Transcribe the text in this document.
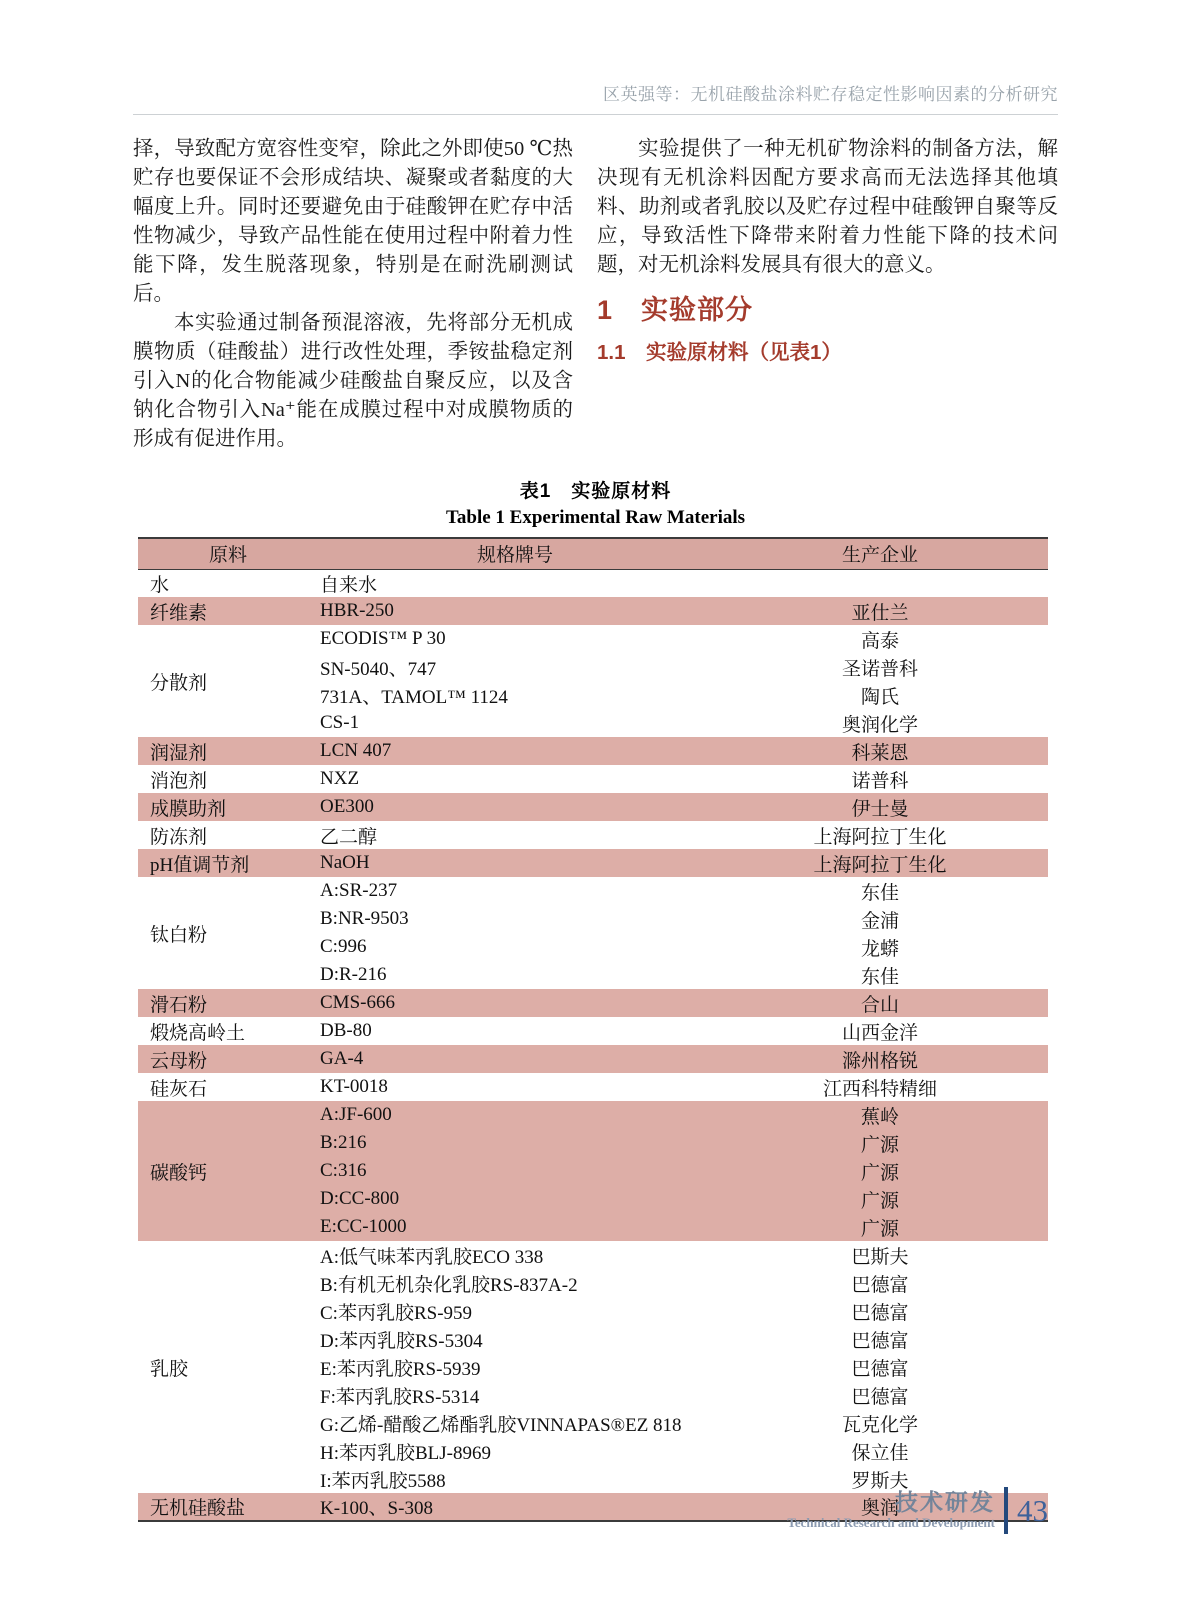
区英强等：无机硅酸盐涂料贮存稳定性影响因素的分析研究

择，导致配方宽容性变窄，除此之外即使50 ℃热贮存也要保证不会形成结块、凝聚或者黏度的大幅度上升。同时还要避免由于硅酸钾在贮存中活性物减少，导致产品性能在使用过程中附着力性能下降，发生脱落现象，特别是在耐洗刷测试后。

本实验通过制备预混溶液，先将部分无机成膜物质（硅酸盐）进行改性处理，季铵盐稳定剂引入N的化合物能减少硅酸盐自聚反应，以及含钠化合物引入Na⁺能在成膜过程中对成膜物质的形成有促进作用。

实验提供了一种无机矿物涂料的制备方法，解决现有无机涂料因配方要求高而无法选择其他填料、助剂或者乳胶以及贮存过程中硅酸钾自聚等反应，导致活性下降带来附着力性能下降的技术问题，对无机涂料发展具有很大的意义。

1　实验部分
1.1　实验原材料（见表1）
表1　实验原材料
Table 1 Experimental Raw Materials
原料	规格牌号	生产企业
水	自来水	
纤维素	HBR-250	亚仕兰
分散剂	ECODIS™ P 30	高泰
	SN-5040、747	圣诺普科
	731A、TAMOL™ 1124	陶氏
	CS-1	奥润化学
润湿剂	LCN 407	科莱恩
消泡剂	NXZ	诺普科
成膜助剂	OE300	伊士曼
防冻剂	乙二醇	上海阿拉丁生化
pH值调节剂	NaOH	上海阿拉丁生化
钛白粉	A:SR-237	东佳
	B:NR-9503	金浦
	C:996	龙蟒
	D:R-216	东佳
滑石粉	CMS-666	合山
煅烧高岭土	DB-80	山西金洋
云母粉	GA-4	滁州格锐
硅灰石	KT-0018	江西科特精细
碳酸钙	A:JF-600	蕉岭
	B:216	广源
	C:316	广源
	D:CC-800	广源
	E:CC-1000	广源
乳胶	A:低气味苯丙乳胶ECO 338	巴斯夫
	B:有机无机杂化乳胶RS-837A-2	巴德富
	C:苯丙乳胶RS-959	巴德富
	D:苯丙乳胶RS-5304	巴德富
	E:苯丙乳胶RS-5939	巴德富
	F:苯丙乳胶RS-5314	巴德富
	G:乙烯-醋酸乙烯酯乳胶VINNAPAS®EZ 818	瓦克化学
	H:苯丙乳胶BLJ-8969	保立佳
	I:苯丙乳胶5588	罗斯夫
无机硅酸盐	K-100、S-308	奥润
技术研发
Technical Research and Development 43
